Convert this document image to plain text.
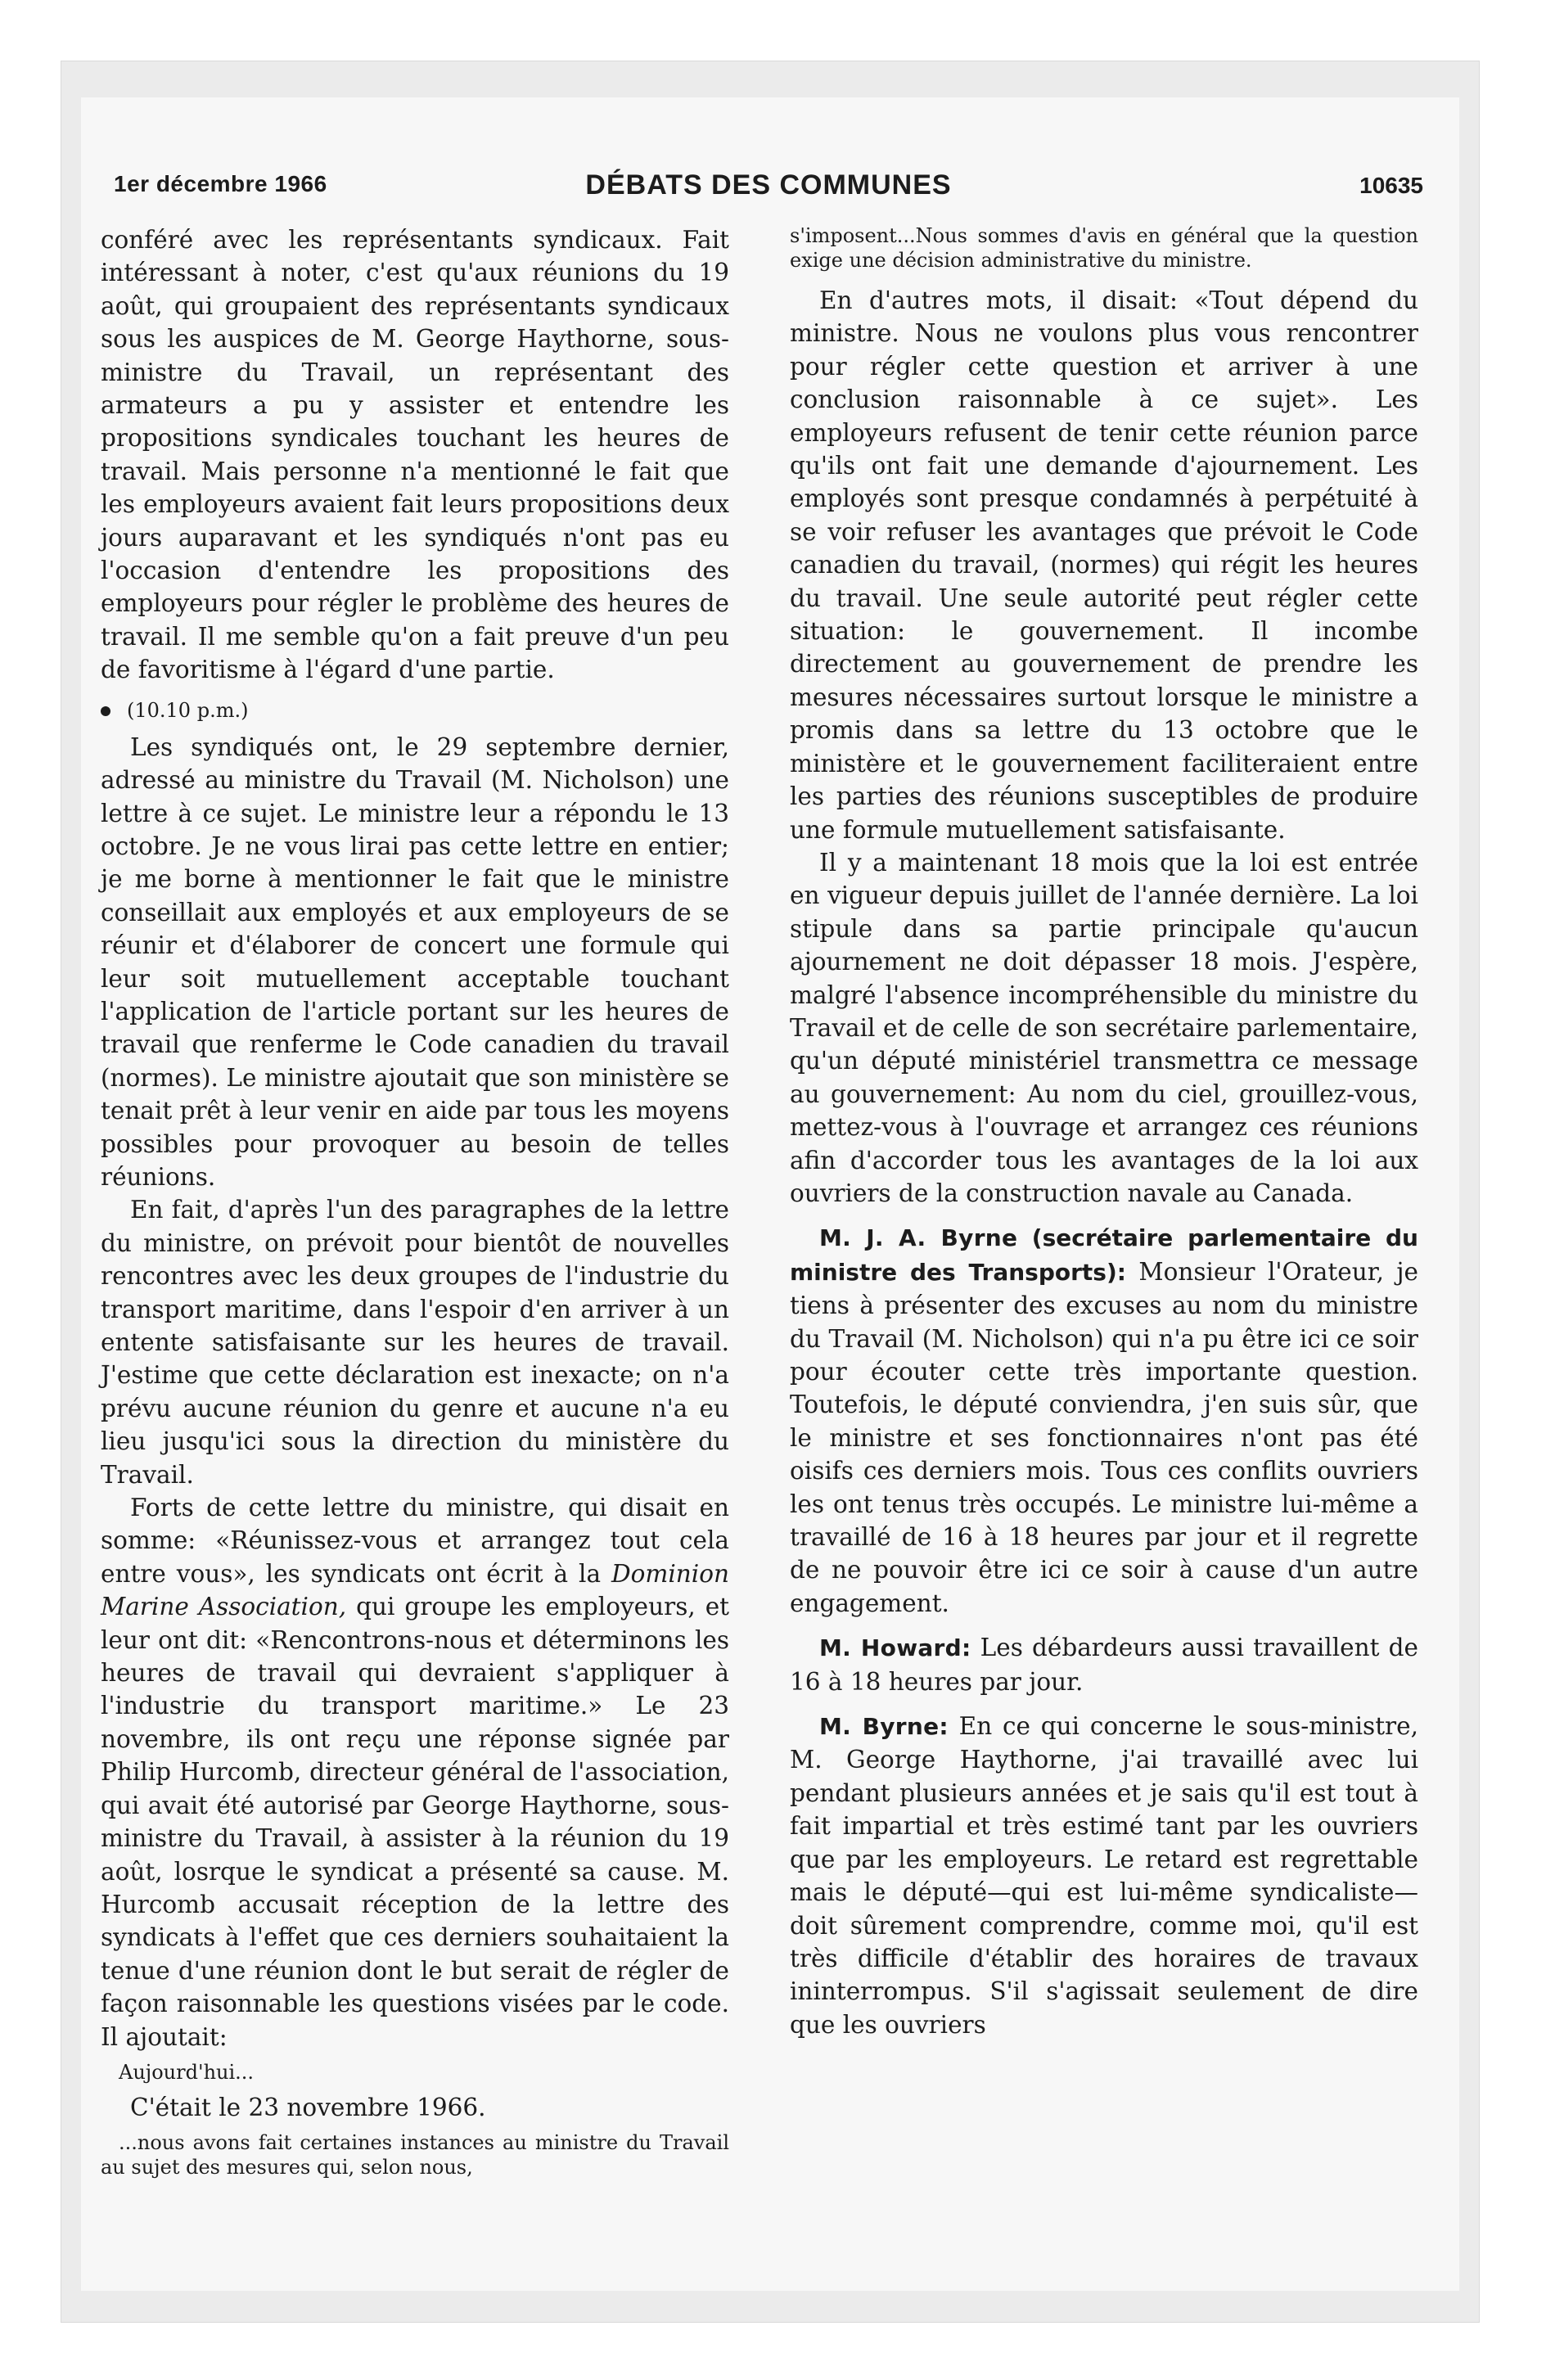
1er décembre 1966	DÉBATS DES COMMUNES	10635

conféré avec les représentants syndicaux. Fait intéressant à noter, c'est qu'aux réunions du 19 août, qui groupaient des représentants syndicaux sous les auspices de M. George Haythorne, sous-ministre du Travail, un représentant des armateurs a pu y assister et entendre les propositions syndicales touchant les heures de travail. Mais personne n'a mentionné le fait que les employeurs avaient fait leurs propositions deux jours auparavant et les syndiqués n'ont pas eu l'occasion d'entendre les propositions des employeurs pour régler le problème des heures de travail. Il me semble qu'on a fait preuve d'un peu de favoritisme à l'égard d'une partie.

(10.10 p.m.)

Les syndiqués ont, le 29 septembre dernier, adressé au ministre du Travail (M. Nicholson) une lettre à ce sujet. Le ministre leur a répondu le 13 octobre. Je ne vous lirai pas cette lettre en entier; je me borne à mentionner le fait que le ministre conseillait aux employés et aux employeurs de se réunir et d'élaborer de concert une formule qui leur soit mutuellement acceptable touchant l'application de l'article portant sur les heures de travail que renferme le Code canadien du travail (normes). Le ministre ajoutait que son ministère se tenait prêt à leur venir en aide par tous les moyens possibles pour provoquer au besoin de telles réunions.

En fait, d'après l'un des paragraphes de la lettre du ministre, on prévoit pour bientôt de nouvelles rencontres avec les deux groupes de l'industrie du transport maritime, dans l'espoir d'en arriver à un entente satisfaisante sur les heures de travail. J'estime que cette déclaration est inexacte; on n'a prévu aucune réunion du genre et aucune n'a eu lieu jusqu'ici sous la direction du ministère du Travail.

Forts de cette lettre du ministre, qui disait en somme: «Réunissez-vous et arrangez tout cela entre vous», les syndicats ont écrit à la Dominion Marine Association, qui groupe les employeurs, et leur ont dit: «Rencontrons-nous et déterminons les heures de travail qui devraient s'appliquer à l'industrie du transport maritime.» Le 23 novembre, ils ont reçu une réponse signée par Philip Hurcomb, directeur général de l'association, qui avait été autorisé par George Haythorne, sous-ministre du Travail, à assister à la réunion du 19 août, losrque le syndicat a présenté sa cause. M. Hurcomb accusait réception de la lettre des syndicats à l'effet que ces derniers souhaitaient la tenue d'une réunion dont le but serait de régler de façon raisonnable les questions visées par le code. Il ajoutait:

Aujourd'hui...

C'était le 23 novembre 1966.

...nous avons fait certaines instances au ministre du Travail au sujet des mesures qui, selon nous,

s'imposent...Nous sommes d'avis en général que la question exige une décision administrative du ministre.

En d'autres mots, il disait: «Tout dépend du ministre. Nous ne voulons plus vous rencontrer pour régler cette question et arriver à une conclusion raisonnable à ce sujet». Les employeurs refusent de tenir cette réunion parce qu'ils ont fait une demande d'ajournement. Les employés sont presque condamnés à perpétuité à se voir refuser les avantages que prévoit le Code canadien du travail, (normes) qui régit les heures du travail. Une seule autorité peut régler cette situation: le gouvernement. Il incombe directement au gouvernement de prendre les mesures nécessaires surtout lorsque le ministre a promis dans sa lettre du 13 octobre que le ministère et le gouvernement faciliteraient entre les parties des réunions susceptibles de produire une formule mutuellement satisfaisante.

Il y a maintenant 18 mois que la loi est entrée en vigueur depuis juillet de l'année dernière. La loi stipule dans sa partie principale qu'aucun ajournement ne doit dépasser 18 mois. J'espère, malgré l'absence incompréhensible du ministre du Travail et de celle de son secrétaire parlementaire, qu'un député ministériel transmettra ce message au gouvernement: Au nom du ciel, grouillez-vous, mettez-vous à l'ouvrage et arrangez ces réunions afin d'accorder tous les avantages de la loi aux ouvriers de la construction navale au Canada.

M. J. A. Byrne (secrétaire parlementaire du ministre des Transports): Monsieur l'Orateur, je tiens à présenter des excuses au nom du ministre du Travail (M. Nicholson) qui n'a pu être ici ce soir pour écouter cette très importante question. Toutefois, le député conviendra, j'en suis sûr, que le ministre et ses fonctionnaires n'ont pas été oisifs ces derniers mois. Tous ces conflits ouvriers les ont tenus très occupés. Le ministre lui-même a travaillé de 16 à 18 heures par jour et il regrette de ne pouvoir être ici ce soir à cause d'un autre engagement.

M. Howard: Les débardeurs aussi travaillent de 16 à 18 heures par jour.

M. Byrne: En ce qui concerne le sous-ministre, M. George Haythorne, j'ai travaillé avec lui pendant plusieurs années et je sais qu'il est tout à fait impartial et très estimé tant par les ouvriers que par les employeurs. Le retard est regrettable mais le député—qui est lui-même syndicaliste—doit sûrement comprendre, comme moi, qu'il est très difficile d'établir des horaires de travaux ininterrompus. S'il s'agissait seulement de dire que les ouvriers
